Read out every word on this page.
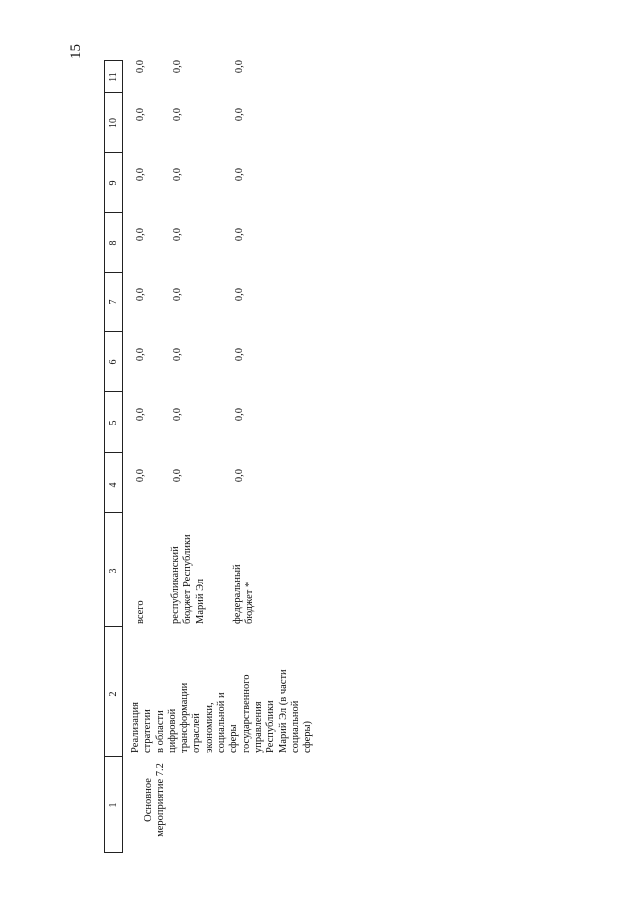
15
1
2
3
4
5
6
7
8
9
10
11
Основное
мероприятие 7.2
Реализация
стратегии
в области
цифровой
трансформации
отраслей
экономики,
социальной и
сферы
государственного
управления
Республики
Марий Эл (в части
социальной
сферы)
всего республиканский
бюджет Республики
Марий Эл	федеральный
бюджет *
0,0
0,0
0,0
0,0
0,0
0,0
0,0
0,0
0,0
0,0
0,0
0,0
0,0
0,0
0,0
0,0
0,0
0,0
0,0
0,0
0,0
0,0
0,0
0,0
